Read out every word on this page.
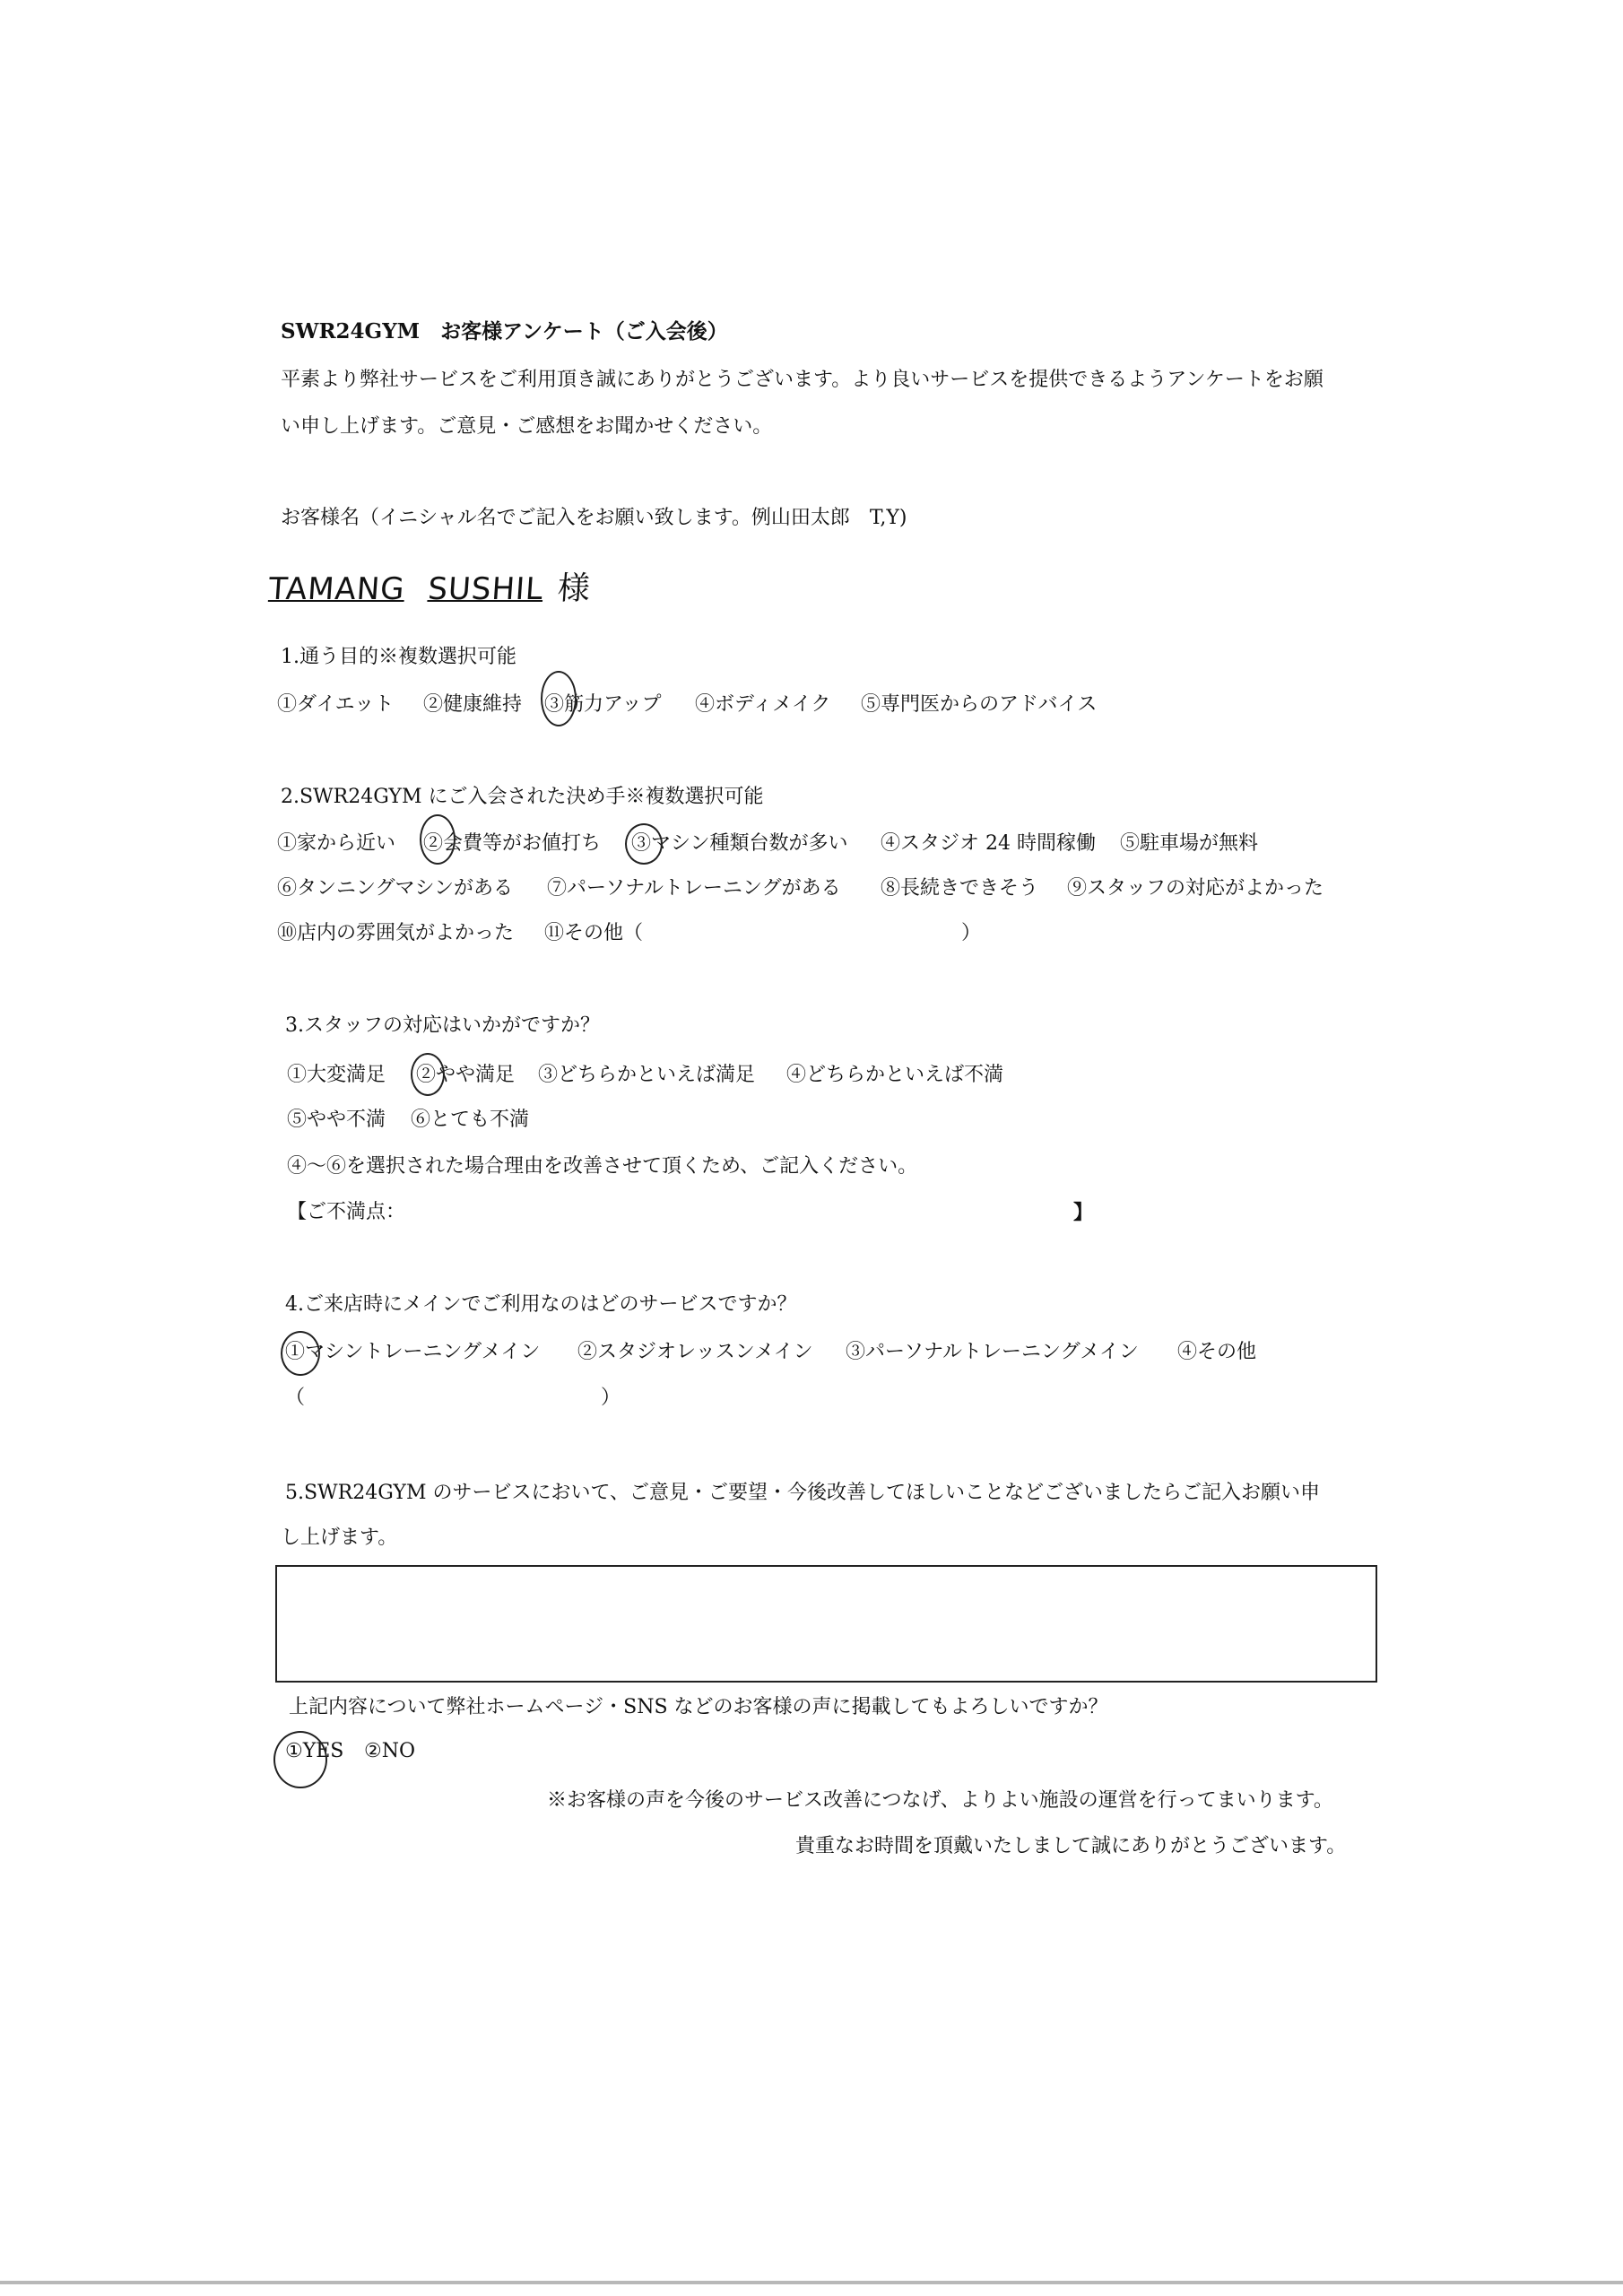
SWR24GYM　お客様アンケート（ご入会後）
平素より弊社サービスをご利用頂き誠にありがとうございます。より良いサービスを提供できるようアンケートをお願
い申し上げます。ご意見・ご感想をお聞かせください。
お客様名（イニシャル名でご記入をお願い致します。例山田太郎　T,Y)
TAMANG SUSHIL 様
1.通う目的※複数選択可能
①ダイエット ②健康維持 ③筋力アップ ④ボディメイク ⑤専門医からのアドバイス
2.SWR24GYM にご入会された決め手※複数選択可能
①家から近い ②会費等がお値打ち ③マシン種類台数が多い ④スタジオ 24 時間稼働 ⑤駐車場が無料
⑥タンニングマシンがある ⑦パーソナルトレーニングがある ⑧長続きできそう ⑨スタッフの対応がよかった
⑩店内の雰囲気がよかった ⑪その他（	）
3.スタッフの対応はいかがですか？
①大変満足 ②やや満足 ③どちらかといえば満足 ④どちらかといえば不満
⑤やや不満 ⑥とても不満
④～⑥を選択された場合理由を改善させて頂くため、ご記入ください。
【ご不満点：	】
4.ご来店時にメインでご利用なのはどのサービスですか？
①マシントレーニングメイン ②スタジオレッスンメイン ③パーソナルトレーニングメイン ④その他
（	）
5.SWR24GYM のサービスにおいて、ご意見・ご要望・今後改善してほしいことなどございましたらご記入お願い申
し上げます。
上記内容について弊社ホームページ・SNS などのお客様の声に掲載してもよろしいですか？
①YES ②NO
※お客様の声を今後のサービス改善につなげ、よりよい施設の運営を行ってまいります。
貴重なお時間を頂戴いたしまして誠にありがとうございます。
